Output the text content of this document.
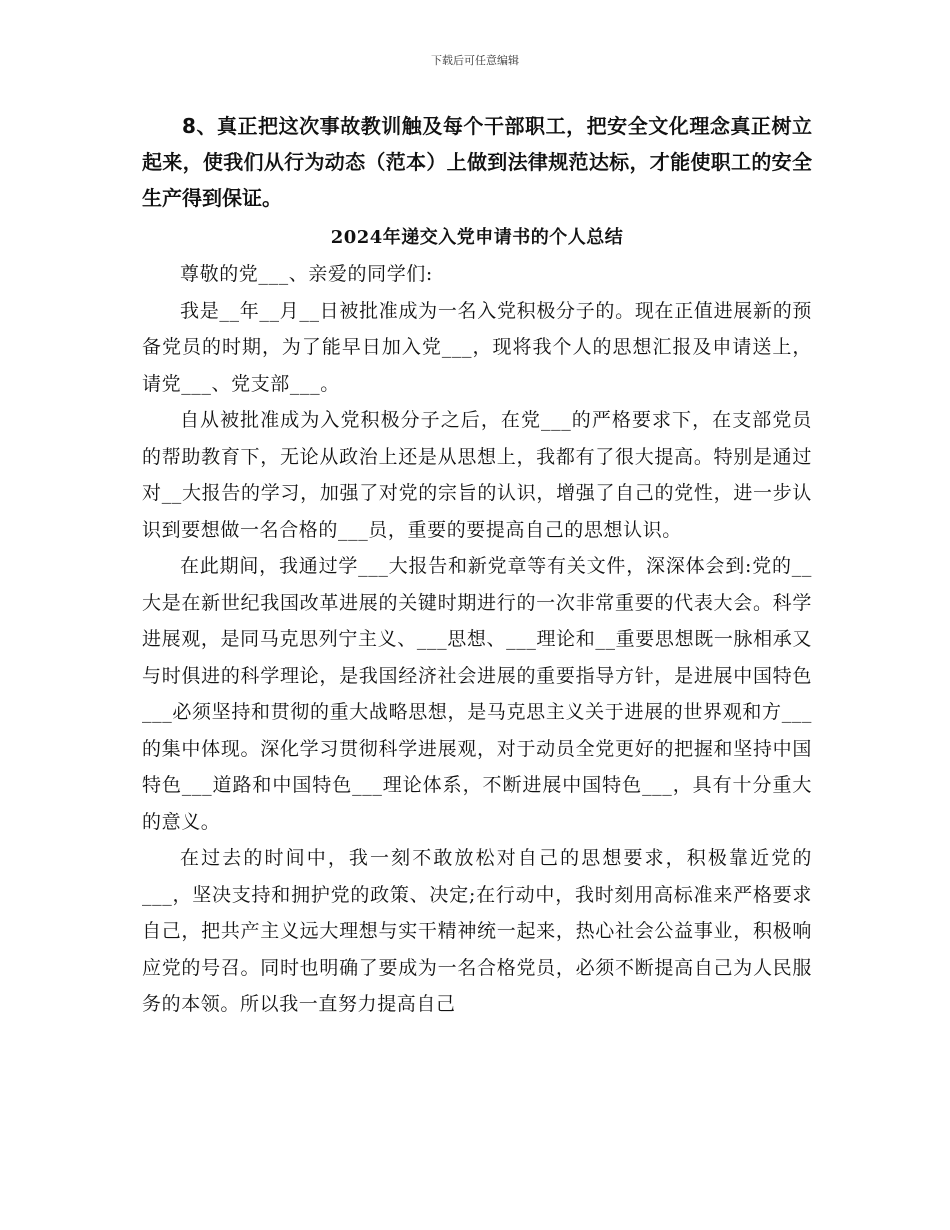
下载后可任意编辑

8、真正把这次事故教训触及每个干部职工，把安全文化理念真正树立起来，使我们从行为动态（范本）上做到法律规范达标，才能使职工的安全生产得到保证。

2024年递交入党申请书的个人总结

尊敬的党___、亲爱的同学们:

我是__年__月__日被批准成为一名入党积极分子的。现在正值进展新的预备党员的时期，为了能早日加入党___，现将我个人的思想汇报及申请送上，请党___、党支部___。

自从被批准成为入党积极分子之后，在党___的严格要求下，在支部党员的帮助教育下，无论从政治上还是从思想上，我都有了很大提高。特别是通过对__大报告的学习，加强了对党的宗旨的认识，增强了自己的党性，进一步认识到要想做一名合格的___员，重要的要提高自己的思想认识。

在此期间，我通过学___大报告和新党章等有关文件，深深体会到:党的__大是在新世纪我国改革进展的关键时期进行的一次非常重要的代表大会。科学进展观，是同马克思列宁主义、___思想、___理论和__重要思想既一脉相承又与时俱进的科学理论，是我国经济社会进展的重要指导方针，是进展中国特色___必须坚持和贯彻的重大战略思想，是马克思主义关于进展的世界观和方___的集中体现。深化学习贯彻科学进展观，对于动员全党更好的把握和坚持中国特色___道路和中国特色___理论体系，不断进展中国特色___，具有十分重大的意义。

在过去的时间中，我一刻不敢放松对自己的思想要求，积极靠近党的___，坚决支持和拥护党的政策、决定;在行动中，我时刻用高标准来严格要求自己，把共产主义远大理想与实干精神统一起来，热心社会公益事业，积极响应党的号召。同时也明确了要成为一名合格党员，必须不断提高自己为人民服务的本领。所以我一直努力提高自己
